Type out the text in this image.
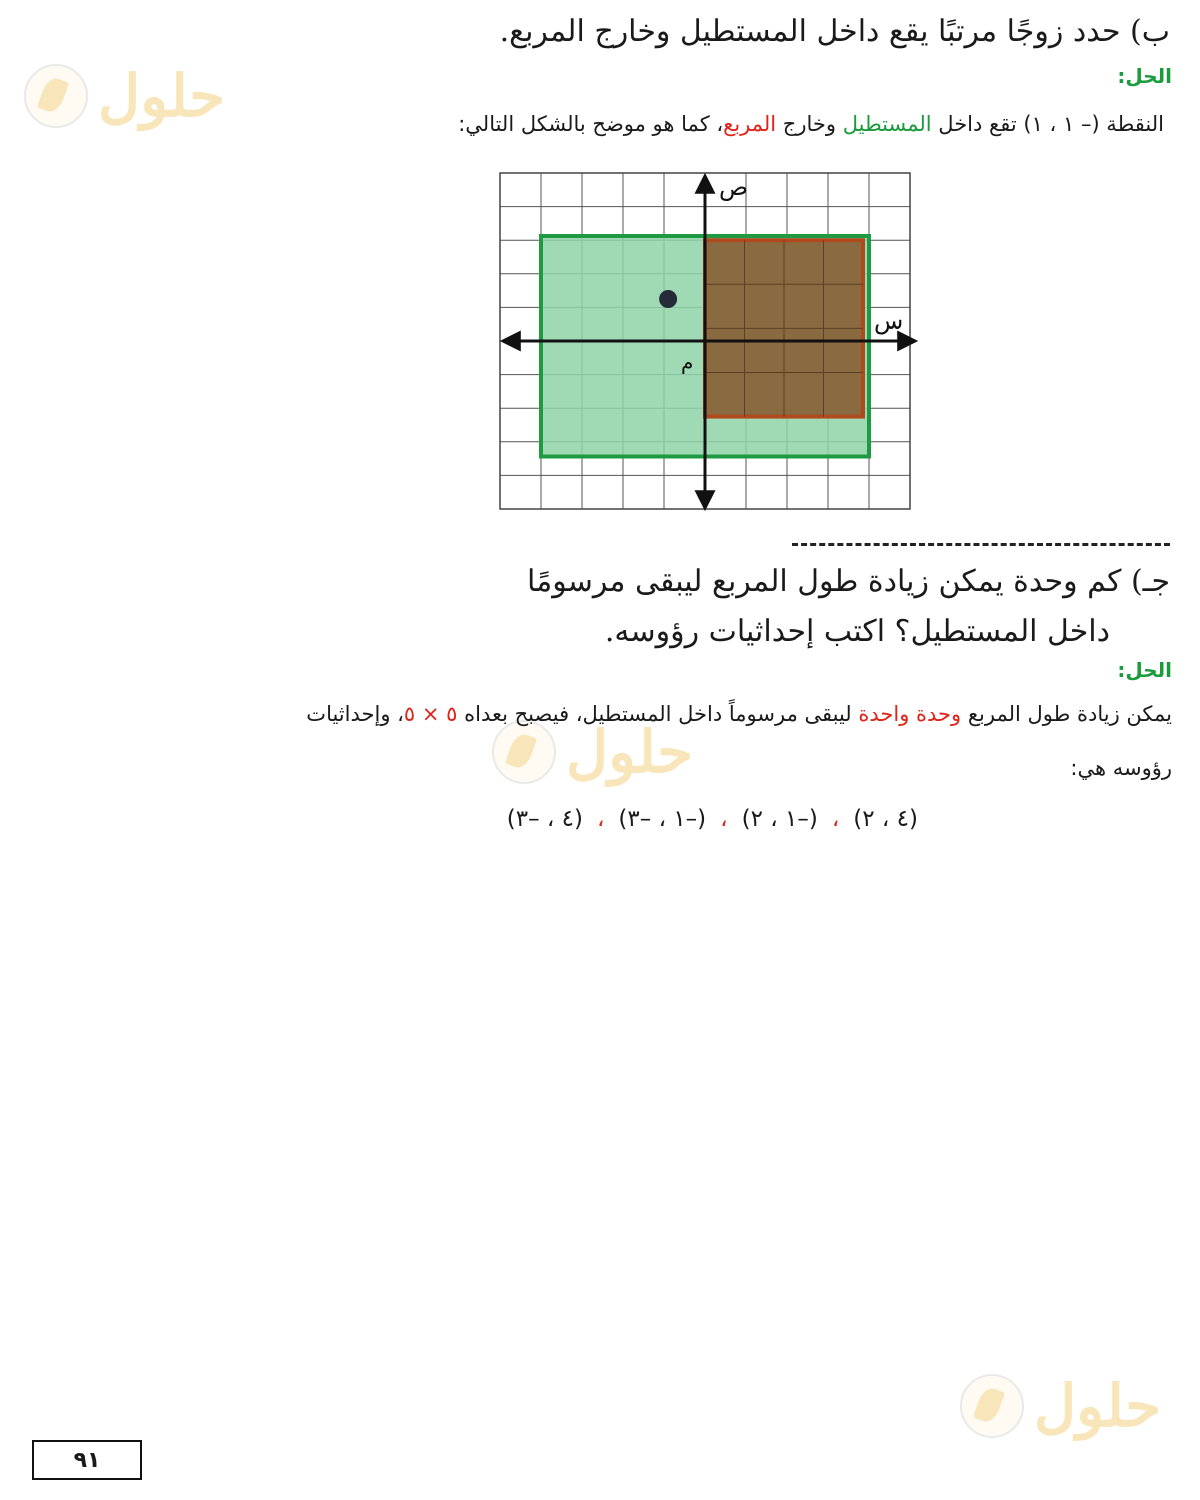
حلول
حلول
حلول
ب) حدد زوجًا مرتبًا يقع داخل المستطيل وخارج المربع.
الحل:
النقطة (– ١ ، ١) تقع داخل المستطيل وخارج المربع، كما هو موضح بالشكل التالي:
ص
س
م
جـ) كم وحدة يمكن زيادة طول المربع ليبقى مرسومًا
داخل المستطيل؟ اكتب إحداثيات رؤوسه.
الحل:
يمكن زيادة طول المربع وحدة واحدة ليبقى مرسوماً داخل المستطيل، فيصبح بعداه ٥ × ٥، وإحداثيات
رؤوسه هي:
(٤ ، ٢)
،
(–١ ، ٢)
،
(–١ ، –٣)
،
(٤ ، –٣)
٩١
